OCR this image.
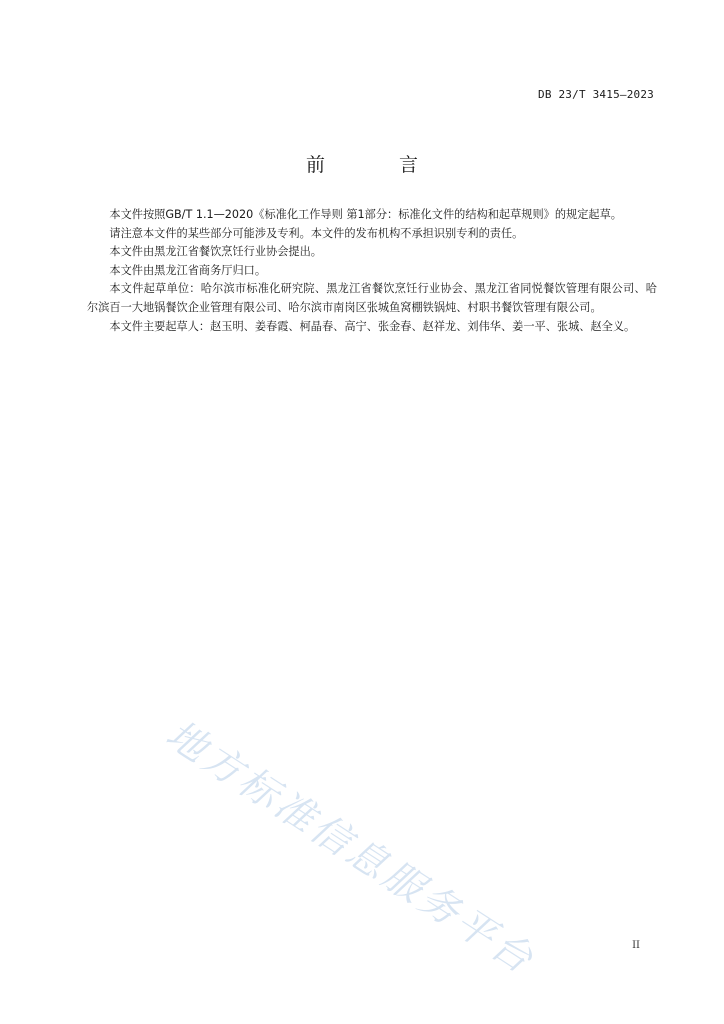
DB 23/T 3415—2023
前 言

本文件按照GB/T 1.1—2020《标准化工作导则 第1部分：标准化文件的结构和起草规则》的规定起草。

请注意本文件的某些部分可能涉及专利。本文件的发布机构不承担识别专利的责任。

本文件由黑龙江省餐饮烹饪行业协会提出。

本文件由黑龙江省商务厅归口。

本文件起草单位：哈尔滨市标准化研究院、黑龙江省餐饮烹饪行业协会、黑龙江省同悦餐饮管理有限公司、哈尔滨百一大地锅餐饮企业管理有限公司、哈尔滨市南岗区张城鱼窝棚铁锅炖、村职书餐饮管理有限公司。

本文件主要起草人：赵玉明、姜春霞、柯晶春、高宁、张金春、赵祥龙、刘伟华、姜一平、张城、赵全义。

地方标准信息服务平台	II
